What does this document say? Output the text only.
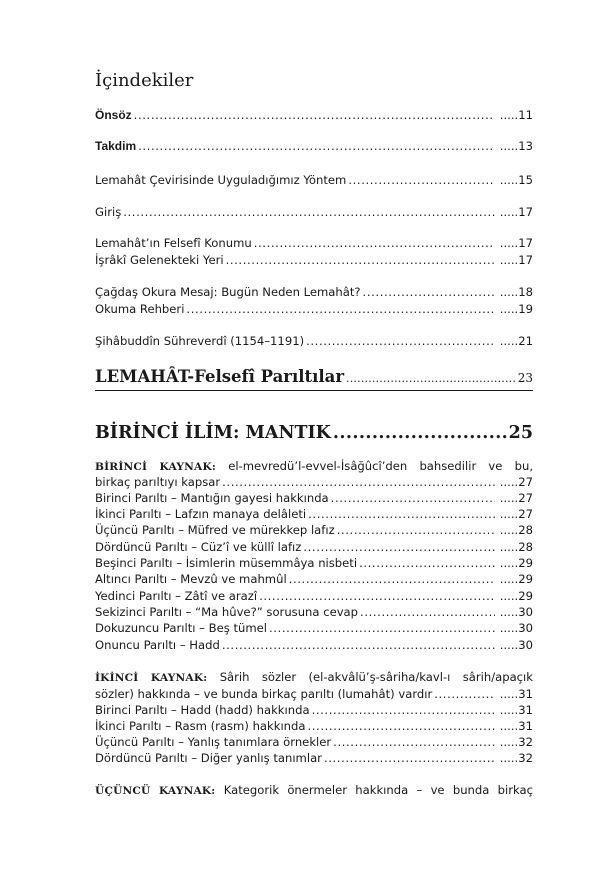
İçindekiler
Önsöz .....	..... 11
Takdim .....	..... 13
Lemahât Çevirisinde Uyguladığımız Yöntem .....	..... 15
Giriş .....	..... 17
Lemahât’ın Felsefî Konumu .....	..... 17
İşrâkî Gelenekteki Yeri .....	..... 17
Çağdaş Okura Mesaj: Bugün Neden Lemahât? .....	..... 18
Okuma Rehberi .....	..... 19
Şihâbuddîn Sühreverdî (1154–1191) .....	..... 21
LEMAHÂT-Felsefî Parıltılar .....	23
BİRİNCİ İLİM: MANTIK .....	25
BİRİNCİ KAYNAK: el-mevredü’l-evvel-İsâğûcî’den bahsedilir ve bu,
birkaç parıltıyı kapsar .....	..... 27
Birinci Parıltı – Mantığın gayesi hakkında .....	..... 27
İkinci Parıltı – Lafzın manaya delâleti .....	..... 27
Üçüncü Parıltı – Müfred ve mürekkep lafız .....	..... 28
Dördüncü Parıltı – Cüz’î ve küllî lafız .....	..... 28
Beşinci Parıltı – İsimlerin müsemmâya nisbeti .....	..... 29
Altıncı Parıltı – Mevzû ve mahmûl .....	..... 29
Yedinci Parıltı – Zâtî ve arazî .....	..... 29
Sekizinci Parıltı – “Ma hûve?” sorusuna cevap .....	..... 30
Dokuzuncu Parıltı – Beş tümel .....	..... 30
Onuncu Parıltı – Hadd .....	..... 30
İKİNCİ KAYNAK: Sârih sözler (el-akvâlü’ş-sâriha/kavl-ı sârih/apaçık
sözler) hakkında – ve bunda birkaç parıltı (lumahât) vardır .....	..... 31
Birinci Parıltı – Hadd (hadd) hakkında .....	..... 31
İkinci Parıltı – Rasm (rasm) hakkında .....	..... 31
Üçüncü Parıltı – Yanlış tanımlara örnekler .....	..... 32
Dördüncü Parıltı – Diğer yanlış tanımlar .....	..... 32
ÜÇÜNCÜ KAYNAK: Kategorik önermeler hakkında – ve bunda birkaç
